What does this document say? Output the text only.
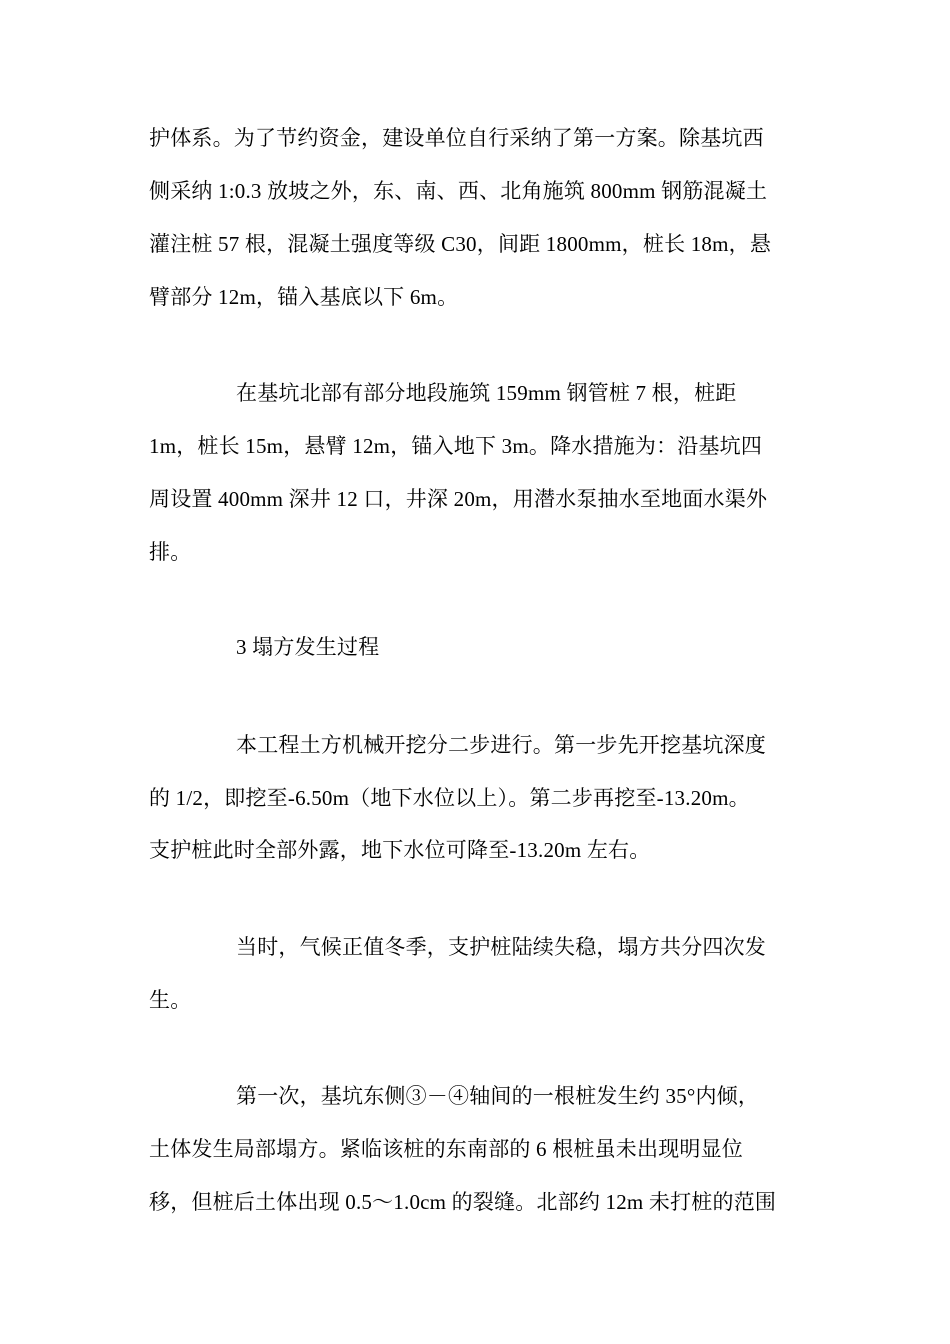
护体系。为了节约资金，建设单位自行采纳了第一方案。除基坑西
侧采纳 1:0.3 放坡之外，东、南、西、北角施筑 800mm 钢筋混凝土
灌注桩 57 根，混凝土强度等级 C30，间距 1800mm，桩长 18m，悬
臂部分 12m，锚入基底以下 6m。
在基坑北部有部分地段施筑 159mm 钢管桩 7 根，桩距
1m，桩长 15m，悬臂 12m，锚入地下 3m。降水措施为：沿基坑四
周设置 400mm 深井 12 口，井深 20m，用潜水泵抽水至地面水渠外
排。
3 塌方发生过程
本工程土方机械开挖分二步进行。第一步先开挖基坑深度
的 1/2，即挖至-6.50m（地下水位以上）。第二步再挖至-13.20m。
支护桩此时全部外露，地下水位可降至-13.20m 左右。
当时，气候正值冬季，支护桩陆续失稳，塌方共分四次发
生。
第一次，基坑东侧③－④轴间的一根桩发生约 35°内倾，
土体发生局部塌方。紧临该桩的东南部的 6 根桩虽未出现明显位
移，但桩后土体出现 0.5～1.0cm 的裂缝。北部约 12m 未打桩的范围
